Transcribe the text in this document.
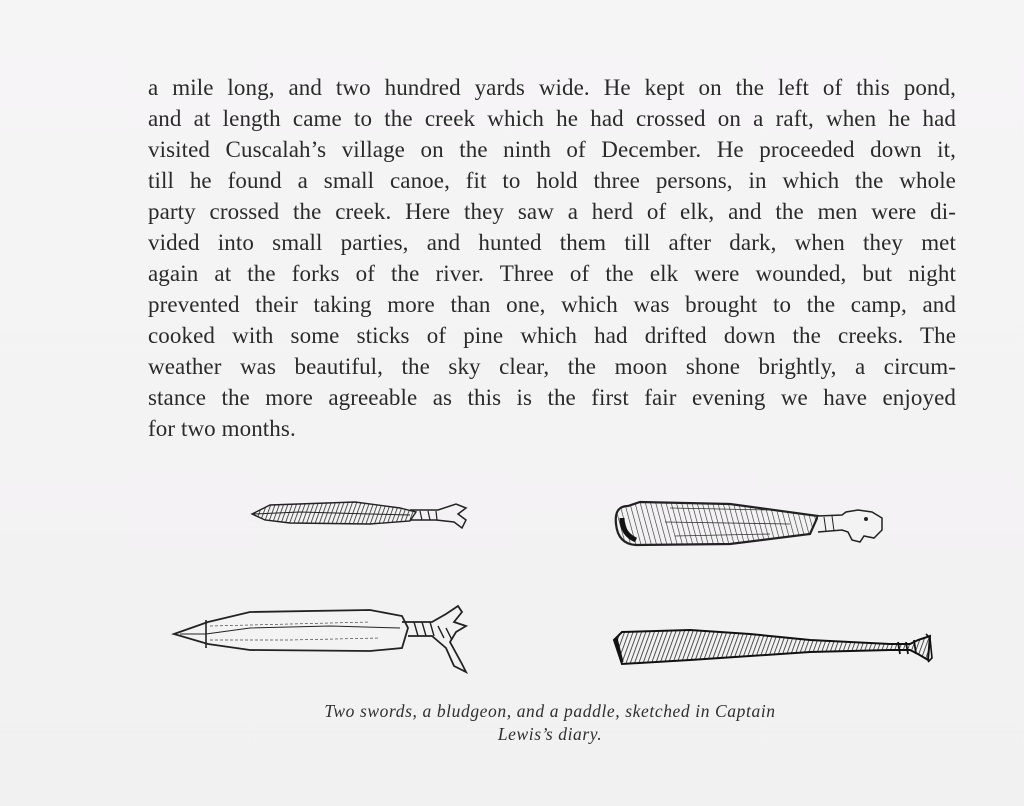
a mile long, and two hundred yards wide. He kept on the left of this pond,
and at length came to the creek which he had crossed on a raft, when he had
visited Cuscalah’s village on the ninth of December. He proceeded down it,
till he found a small canoe, fit to hold three persons, in which the whole
party crossed the creek. Here they saw a herd of elk, and the men were di-
vided into small parties, and hunted them till after dark, when they met
again at the forks of the river. Three of the elk were wounded, but night
prevented their taking more than one, which was brought to the camp, and
cooked with some sticks of pine which had drifted down the creeks. The
weather was beautiful, the sky clear, the moon shone brightly, a circum-
stance the more agreeable as this is the first fair evening we have enjoyed
for two months.
Two swords, a bludgeon, and a paddle, sketched in Captain
Lewis’s diary.
